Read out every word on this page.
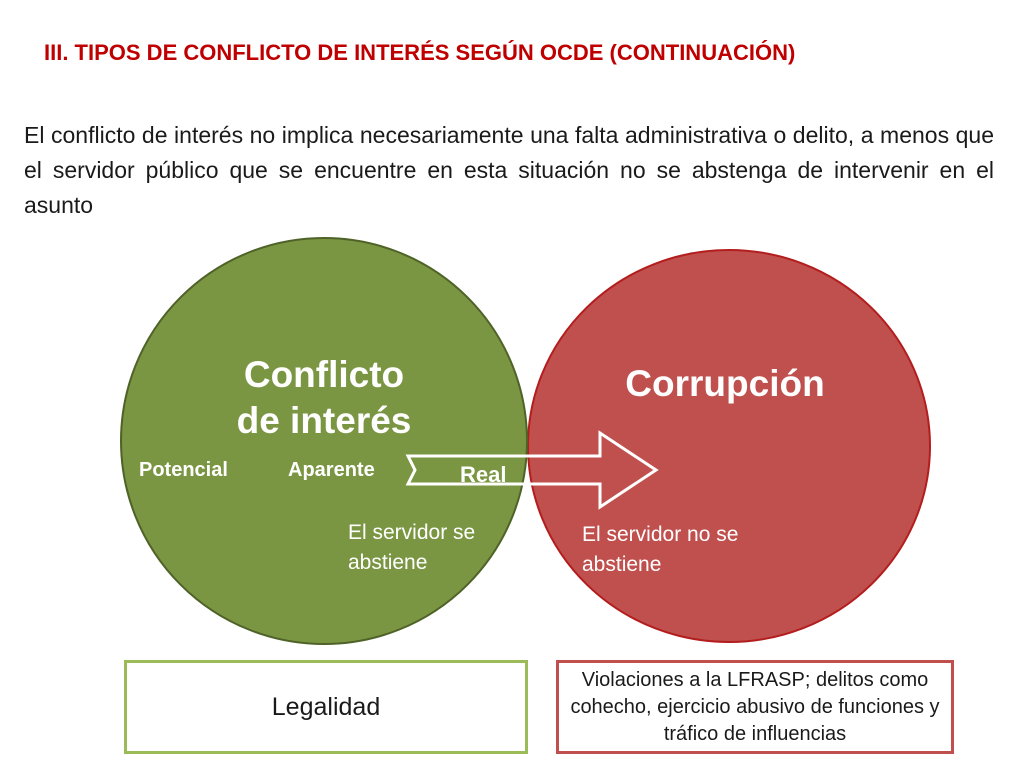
III. TIPOS DE CONFLICTO DE INTERÉS SEGÚN OCDE (CONTINUACIÓN)
El conflicto de interés no implica necesariamente una falta administrativa o delito, a menos que el servidor público que se encuentre en esta situación no se abstenga de intervenir en el asunto
Conflicto
de interés
Corrupción
Potencial	Aparente	Real
El servidor se abstiene
El servidor no se abstiene
Legalidad
Violaciones a la LFRASP; delitos como cohecho, ejercicio abusivo de funciones y tráfico de influencias
